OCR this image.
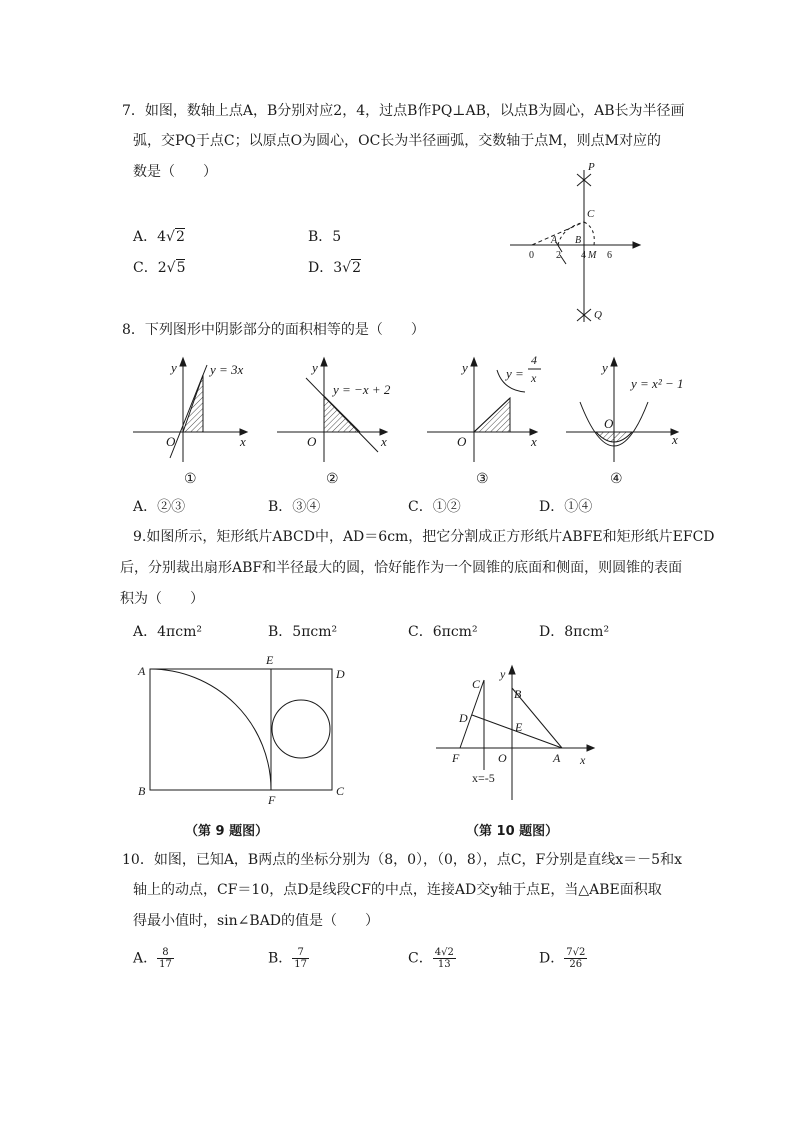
7．如图，数轴上点A，B分别对应2，4，过点B作PQ⊥AB，以点B为圆心，AB长为半径画
弧，交PQ于点C；以原点O为圆心，OC长为半径画弧，交数轴于点M，则点M对应的
数是（　　）
A．4√2	B．5
C．2√5	D．3√2
P
Q
C
A B
0 2 4 M 6
8．下列图形中阴影部分的面积相等的是（　　）
y
x
O
y = 3x
①
y
x
O
y = −x + 2
②
y
x
O
y =
4
x
③
y
x
O
y = x² − 1
④
A．②③	B．③④	C．①②	D．①④
9.如图所示，矩形纸片ABCD中，AD＝6cm，把它分割成正方形纸片ABFE和矩形纸片EFCD
后，分别裁出扇形ABF和半径最大的圆，恰好能作为一个圆锥的底面和侧面，则圆锥的表面
积为（　　）
A．4πcm²	B．5πcm²	C．6πcm²	D．8πcm²
A
B	C
D
E
F
（第 9 题图）
y
x
B
C
D
E
F	O	A
x=-5
（第 10 题图）
10．如图，已知A，B两点的坐标分别为（8，0），（0，8），点C，F分别是直线x＝－5和x
轴上的动点，CF＝10，点D是线段CF的中点，连接AD交y轴于点E，当△ABE面积取
得最小值时，sin∠BAD的值是（　　）
A． $\frac{8}{17}$	B． $\frac{7}{17}$	C． $\frac{4√2}{13}$	D． $\frac{7√2}{26}$
